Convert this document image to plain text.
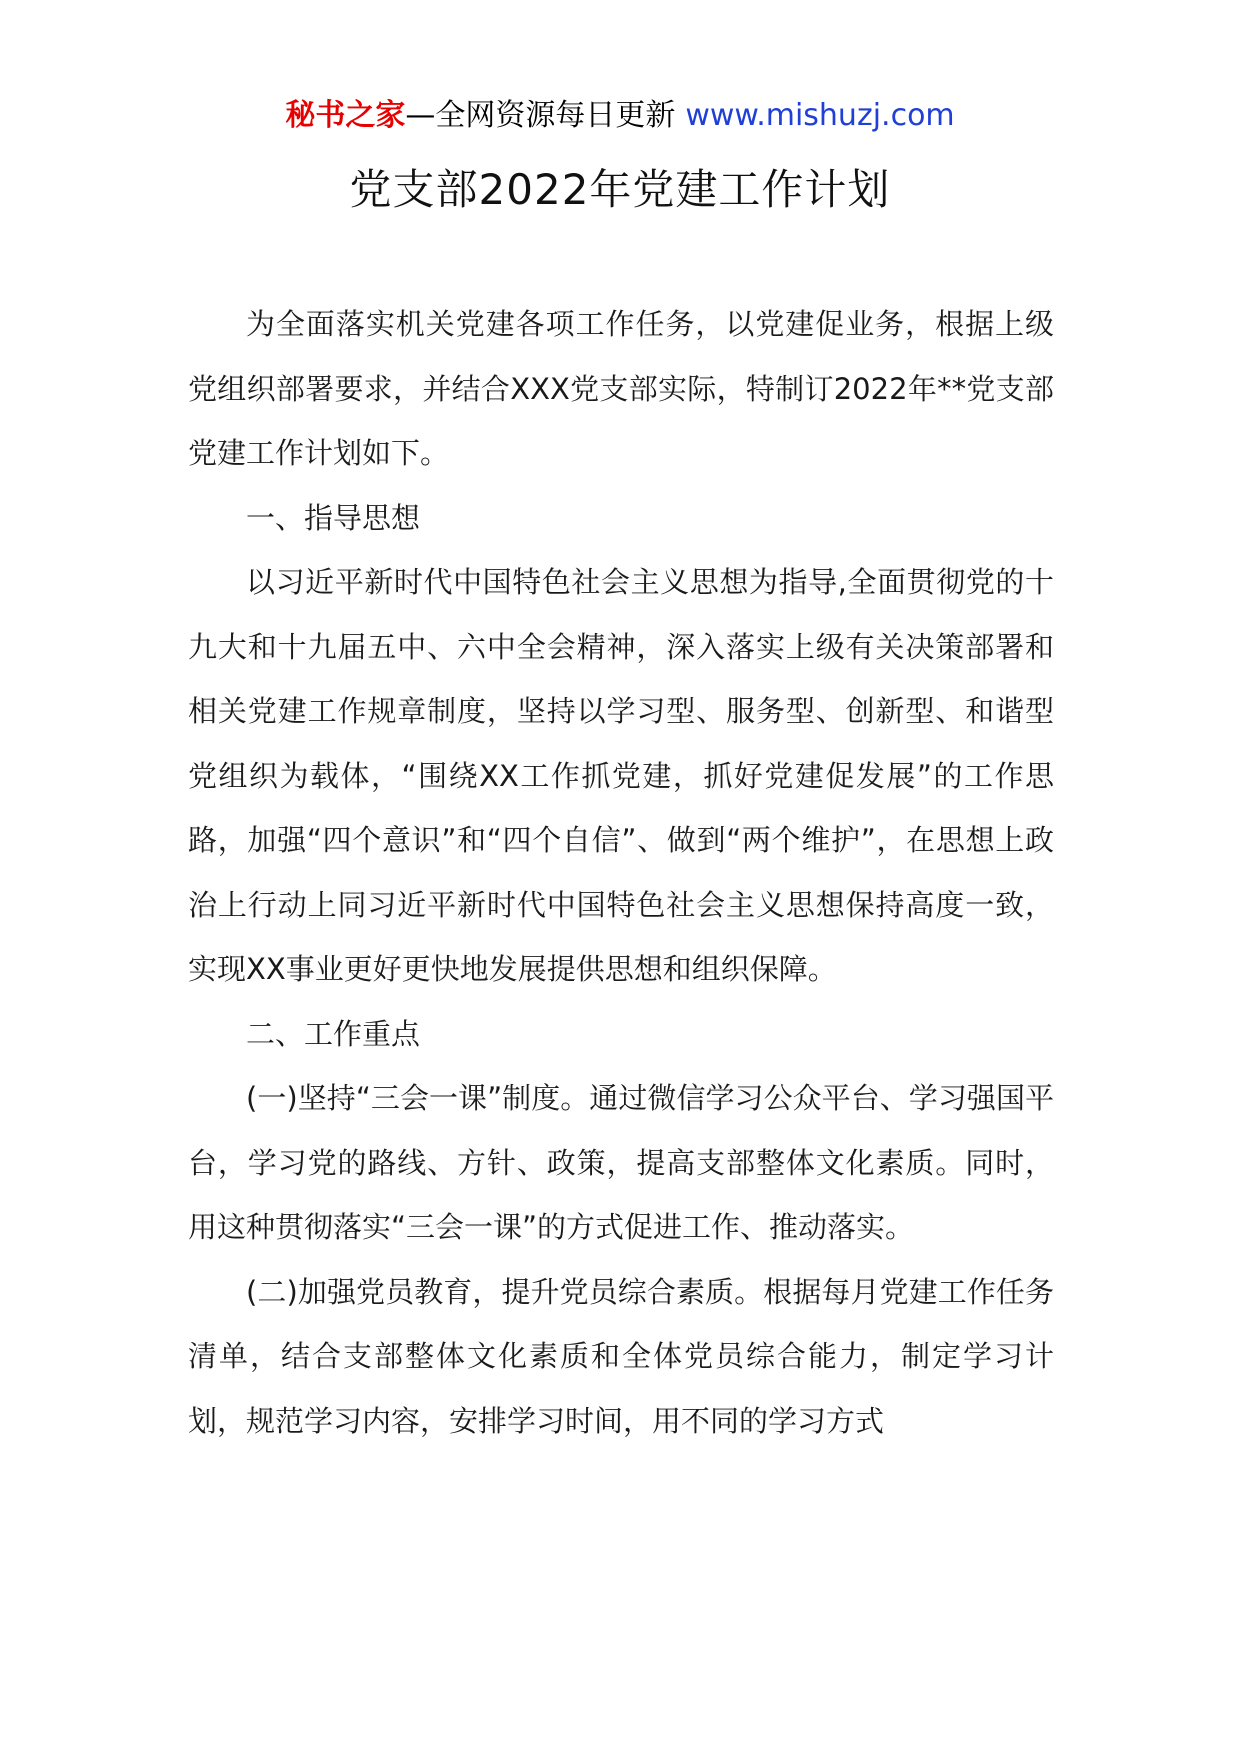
秘书之家—全网资源每日更新 www.mishuzj.com
党支部2022年党建工作计划

为全面落实机关党建各项工作任务，以党建促业务，根据上级党组织部署要求，并结合XXX党支部实际，特制订2022年**党支部党建工作计划如下。

一、指导思想

以习近平新时代中国特色社会主义思想为指导,全面贯彻党的十九大和十九届五中、六中全会精神，深入落实上级有关决策部署和相关党建工作规章制度，坚持以学习型、服务型、创新型、和谐型党组织为载体，“围绕XX工作抓党建，抓好党建促发展”的工作思路，加强“四个意识”和“四个自信”、做到“两个维护”，在思想上政治上行动上同习近平新时代中国特色社会主义思想保持高度一致，实现XX事业更好更快地发展提供思想和组织保障。

二、工作重点

(一)坚持“三会一课”制度。通过微信学习公众平台、学习强国平台，学习党的路线、方针、政策，提高支部整体文化素质。同时，用这种贯彻落实“三会一课”的方式促进工作、推动落实。

(二)加强党员教育，提升党员综合素质。根据每月党建工作任务清单，结合支部整体文化素质和全体党员综合能力，制定学习计划，规范学习内容，安排学习时间，用不同的学习方式
